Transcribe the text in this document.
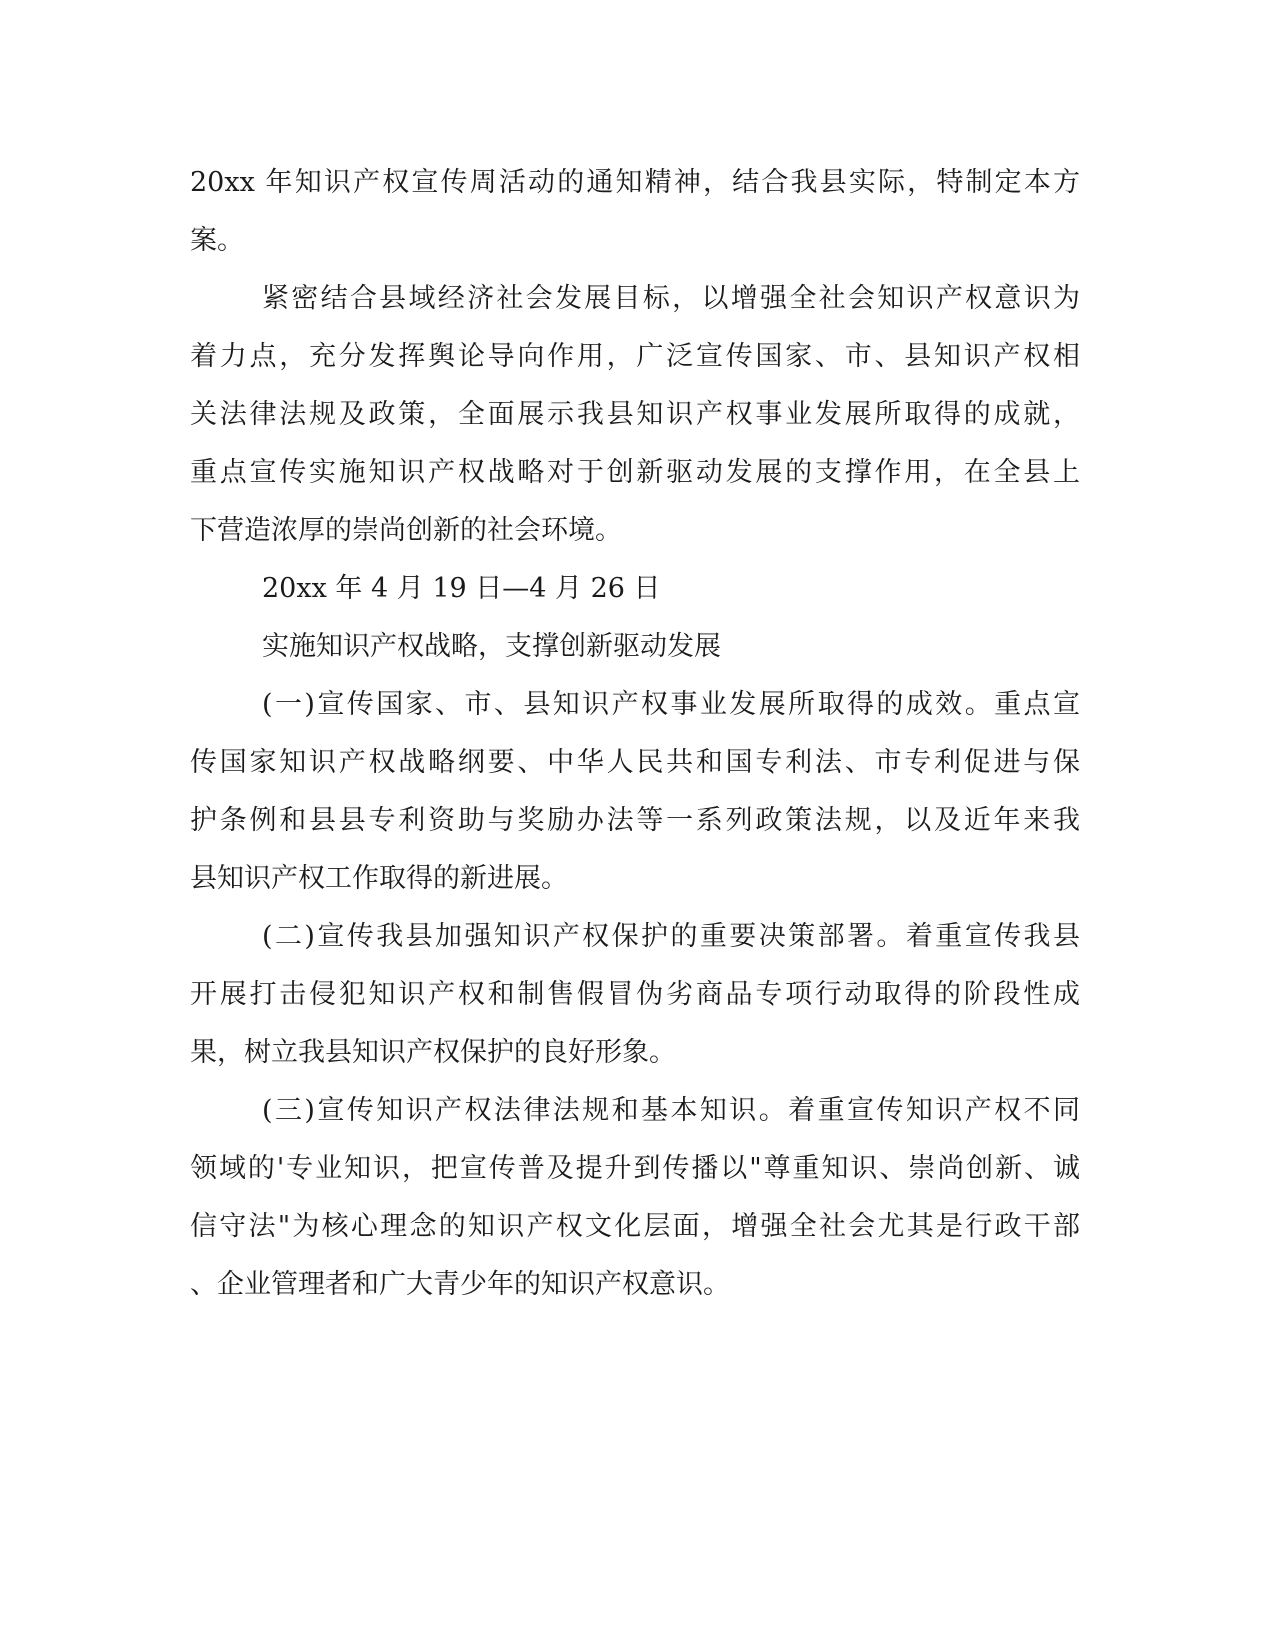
20xx 年知识产权宣传周活动的通知精神，结合我县实际，特制定本方

案。

紧密结合县域经济社会发展目标，以增强全社会知识产权意识为

着力点，充分发挥舆论导向作用，广泛宣传国家、市、县知识产权相

关法律法规及政策，全面展示我县知识产权事业发展所取得的成就，

重点宣传实施知识产权战略对于创新驱动发展的支撑作用，在全县上

下营造浓厚的崇尚创新的社会环境。

20xx 年 4 月 19 日—4 月 26 日

实施知识产权战略，支撑创新驱动发展

(一)宣传国家、市、县知识产权事业发展所取得的成效。重点宣

传国家知识产权战略纲要、中华人民共和国专利法、市专利促进与保

护条例和县县专利资助与奖励办法等一系列政策法规，以及近年来我

县知识产权工作取得的新进展。

(二)宣传我县加强知识产权保护的重要决策部署。着重宣传我县

开展打击侵犯知识产权和制售假冒伪劣商品专项行动取得的阶段性成

果，树立我县知识产权保护的良好形象。

(三)宣传知识产权法律法规和基本知识。着重宣传知识产权不同

领域的'专业知识，把宣传普及提升到传播以"尊重知识、崇尚创新、诚

信守法"为核心理念的知识产权文化层面，增强全社会尤其是行政干部

、企业管理者和广大青少年的知识产权意识。
